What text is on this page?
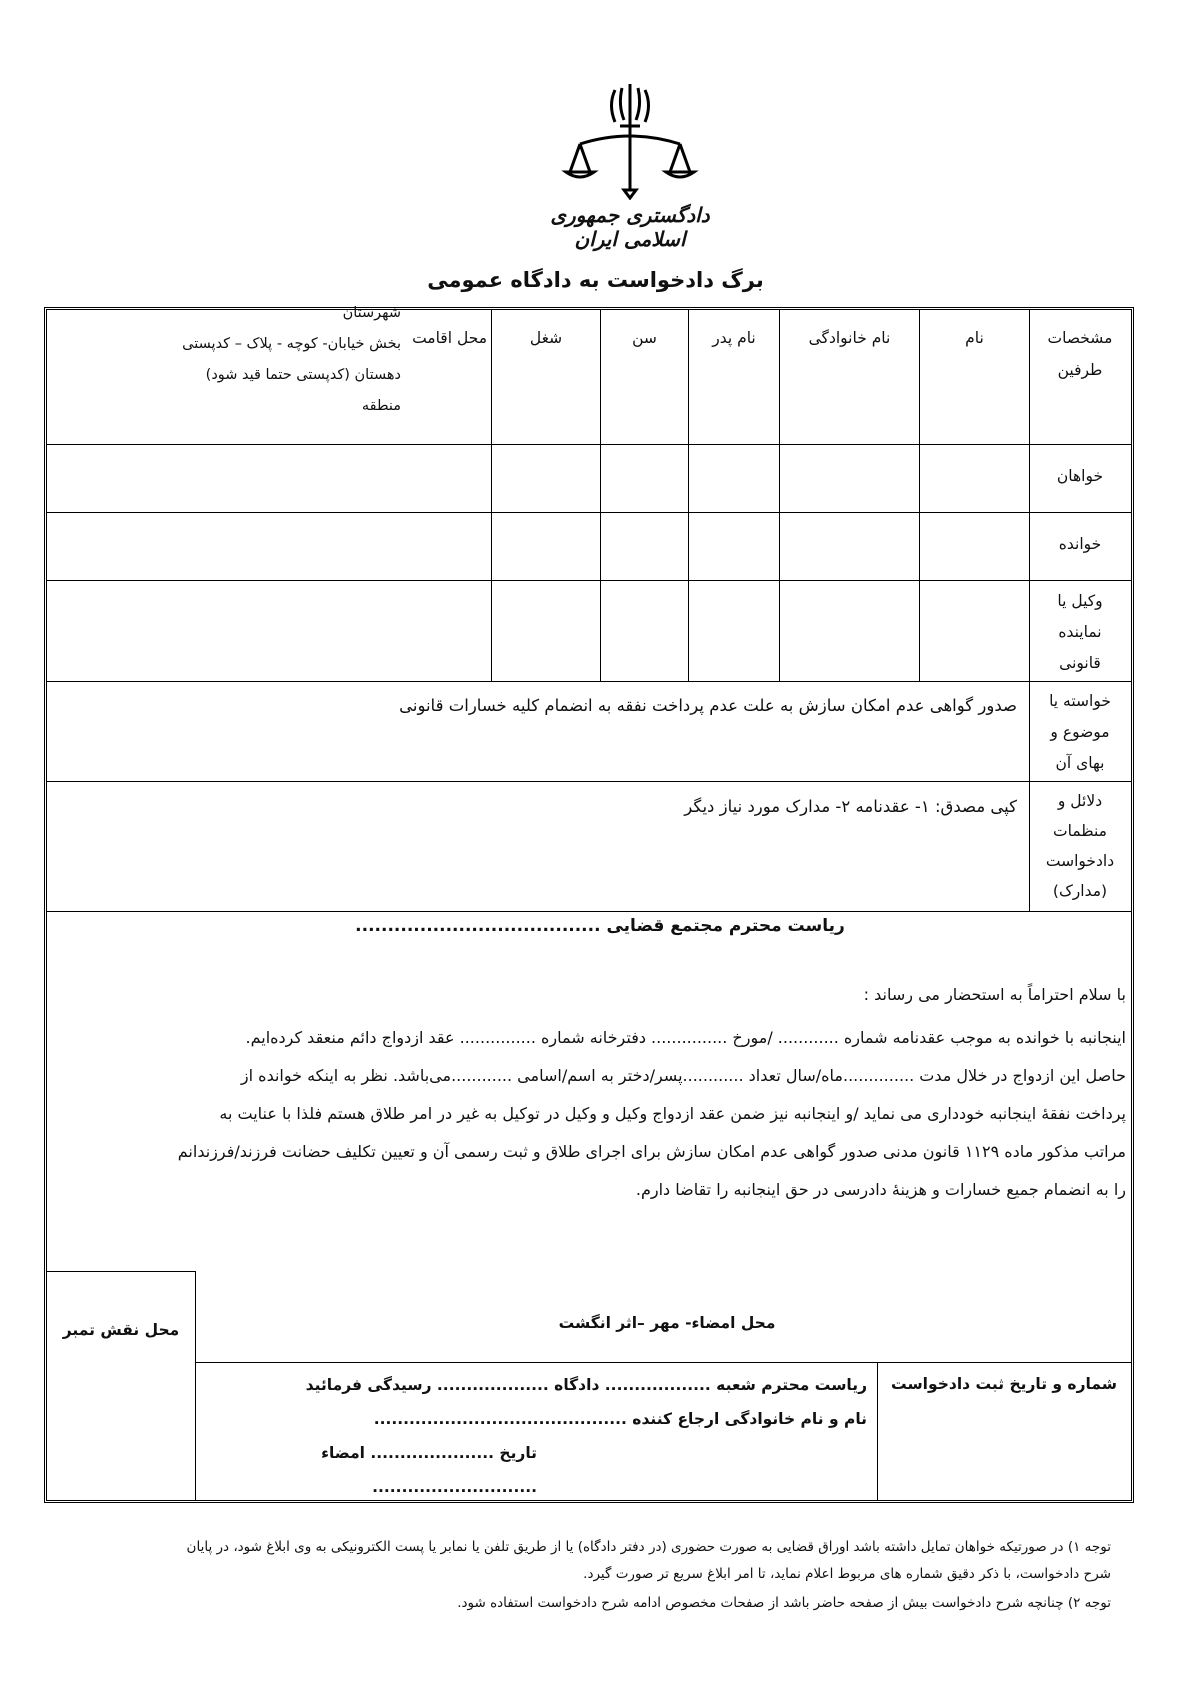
دادگستری جمهوری اسلامی ایران
برگ دادخواست به دادگاه عمومی
مشخصات
طرفین
نام
نام خانوادگی
نام پدر
سن
شغل
محل اقامت
شهرستان
بخش خیابان- کوچه - پلاک – کدپستی
دهستان (کدپستی حتما قید شود)
منطقه
خواهان
خوانده
وکیل یا
نماینده
قانونی
خواسته یا
موضوع و
بهای آن
صدور گواهی عدم امکان سازش به علت عدم پرداخت نفقه به انضمام کلیه خسارات قانونی
دلائل و
منظمات
دادخواست
(مدارک)
کپی مصدق: ۱- عقدنامه ۲- مدارک مورد نیاز دیگر
محل نقش تمبر	محل امضاء- مهر –اثر انگشت
شماره و تاریخ ثبت دادخواست
ریاست محترم شعبه .................. دادگاه ................... رسیدگی فرمائید
نام و نام خانوادگی ارجاع کننده ...........................................
تاریخ ..................... امضاء ............................
ریاست محترم مجتمع قضایی ......................................
با سلام احتراماً به استحضار می رساند :
اینجانبه با خوانده به موجب عقدنامه شماره ............ /مورخ ............... دفترخانه شماره ............... عقد ازدواج دائم منعقد کرده‌ایم.
حاصل این ازدواج در خلال مدت ..............ماه/سال تعداد ............پسر/دختر به اسم/اسامی ............می‌باشد. نظر به اینکه خوانده از
پرداخت نفقهٔ اینجانبه خودداری می نماید /و اینجانبه نیز ضمن عقد ازدواج وکیل و وکیل در توکیل به غیر در امر طلاق هستم فلذا با عنایت به
مراتب مذکور ماده ۱۱۲۹ قانون مدنی صدور گواهی عدم امکان سازش برای اجرای طلاق و ثبت رسمی آن و تعیین تکلیف حضانت فرزند/فرزندانم
را به انضمام جمیع خسارات و هزینهٔ دادرسی در حق اینجانبه را تقاضا دارم.
توجه ۱) در صورتیکه خواهان تمایل داشته باشد اوراق قضایی به صورت حضوری (در دفتر دادگاه) یا از طریق تلفن یا نمابر یا پست الکترونیکی به وی ابلاغ شود، در پایان
شرح دادخواست، با ذکر دقیق شماره های مربوط اعلام نماید، تا امر ابلاغ سریع تر صورت گیرد.
توجه ۲) چنانچه شرح دادخواست بیش از صفحه حاضر باشد از صفحات مخصوص ادامه شرح دادخواست استفاده شود.
